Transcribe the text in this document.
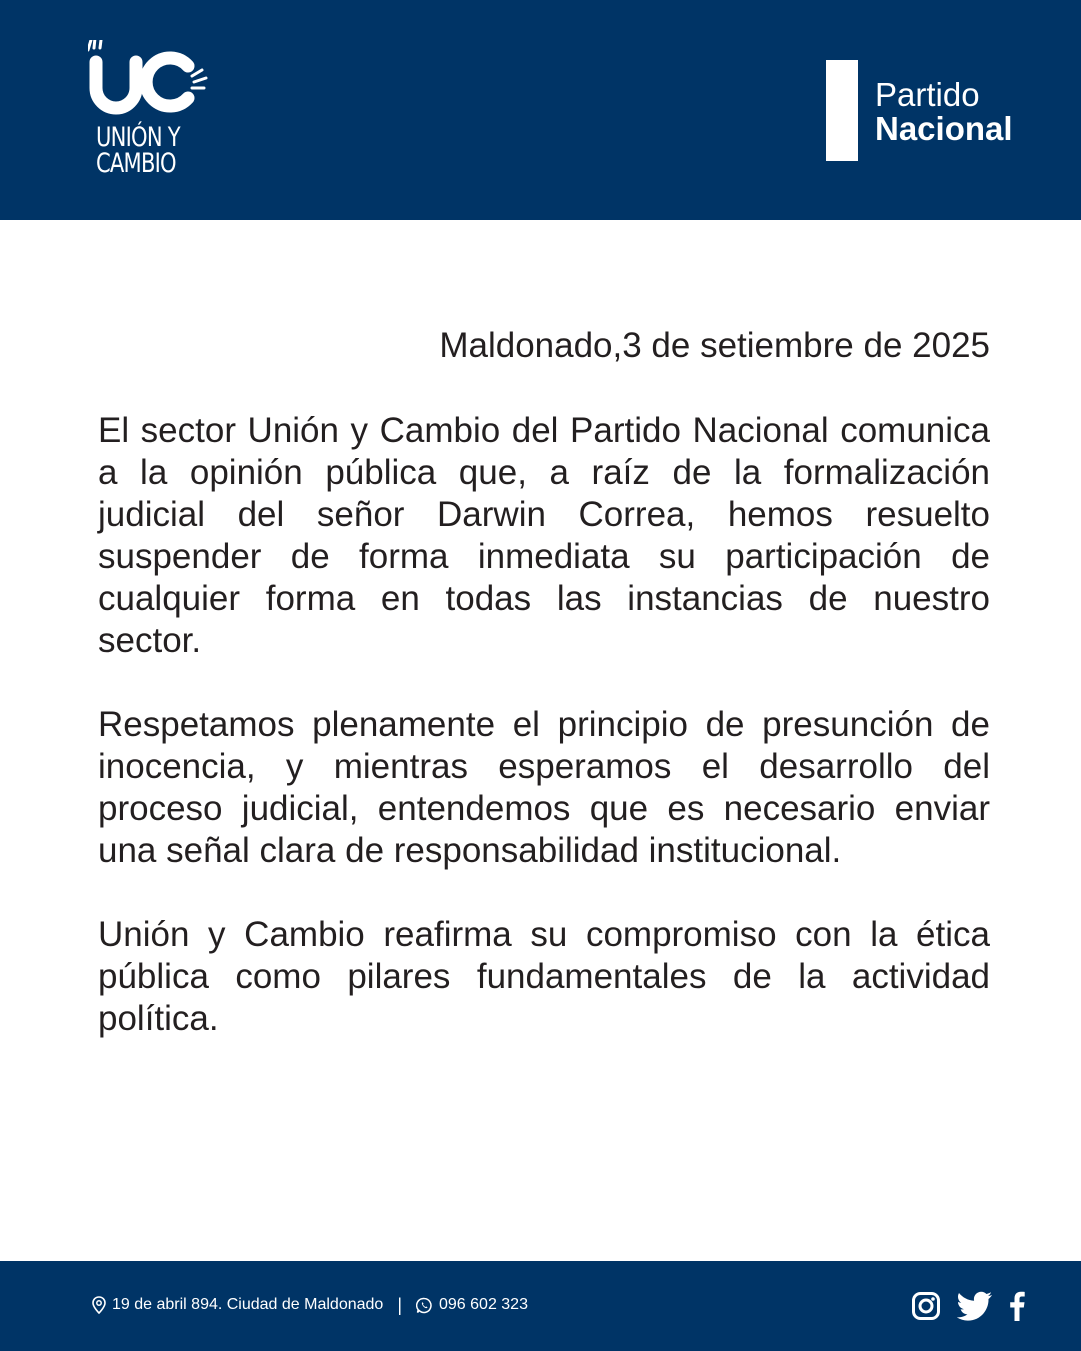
UNIÓN Y
CAMBIO
Partido
Nacional
Maldonado,3 de setiembre de 2025

El sector Unión y Cambio del Partido Nacional comunica a la opinión pública que, a raíz de la formalización judicial del señor Darwin Correa, hemos resuelto suspender de forma inmediata su participación de cualquier forma en todas las instancias de nuestro sector.

Respetamos plenamente el principio de presunción de inocencia, y mientras esperamos el desarrollo del proceso judicial, entendemos que es necesario enviar una señal clara de responsabilidad institucional.

Unión y Cambio reafirma su compromiso con la ética pública como pilares fundamentales de la actividad política.

19 de abril 894. Ciudad de Maldonado | 096 602 323
